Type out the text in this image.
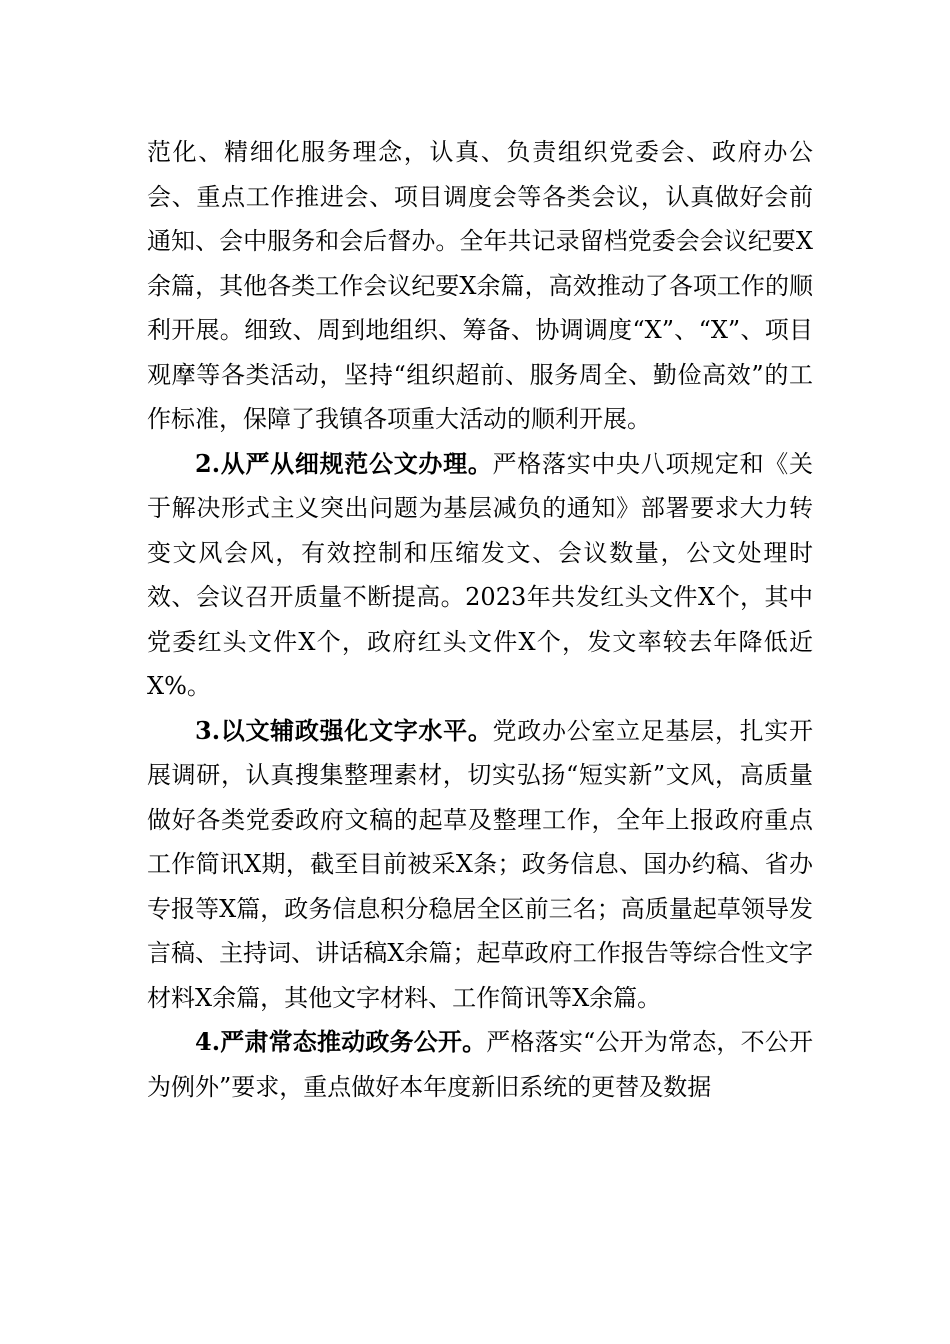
范化、精细化服务理念，认真、负责组织党委会、政府办公会、重点工作推进会、项目调度会等各类会议，认真做好会前通知、会中服务和会后督办。全年共记录留档党委会会议纪要X余篇，其他各类工作会议纪要X余篇，高效推动了各项工作的顺利开展。细致、周到地组织、筹备、协调调度“X”、“X”、项目观摩等各类活动，坚持“组织超前、服务周全、勤俭高效”的工作标准，保障了我镇各项重大活动的顺利开展。

2.从严从细规范公文办理。严格落实中央八项规定和《关于解决形式主义突出问题为基层减负的通知》部署要求大力转变文风会风，有效控制和压缩发文、会议数量，公文处理时效、会议召开质量不断提高。2023年共发红头文件X个，其中党委红头文件X个，政府红头文件X个，发文率较去年降低近X%。

3.以文辅政强化文字水平。党政办公室立足基层，扎实开展调研，认真搜集整理素材，切实弘扬“短实新”文风，高质量做好各类党委政府文稿的起草及整理工作，全年上报政府重点工作简讯X期，截至目前被采X条；政务信息、国办约稿、省办专报等X篇，政务信息积分稳居全区前三名；高质量起草领导发言稿、主持词、讲话稿X余篇；起草政府工作报告等综合性文字材料X余篇，其他文字材料、工作简讯等X余篇。

4.严肃常态推动政务公开。严格落实“公开为常态，不公开为例外”要求，重点做好本年度新旧系统的更替及数据
